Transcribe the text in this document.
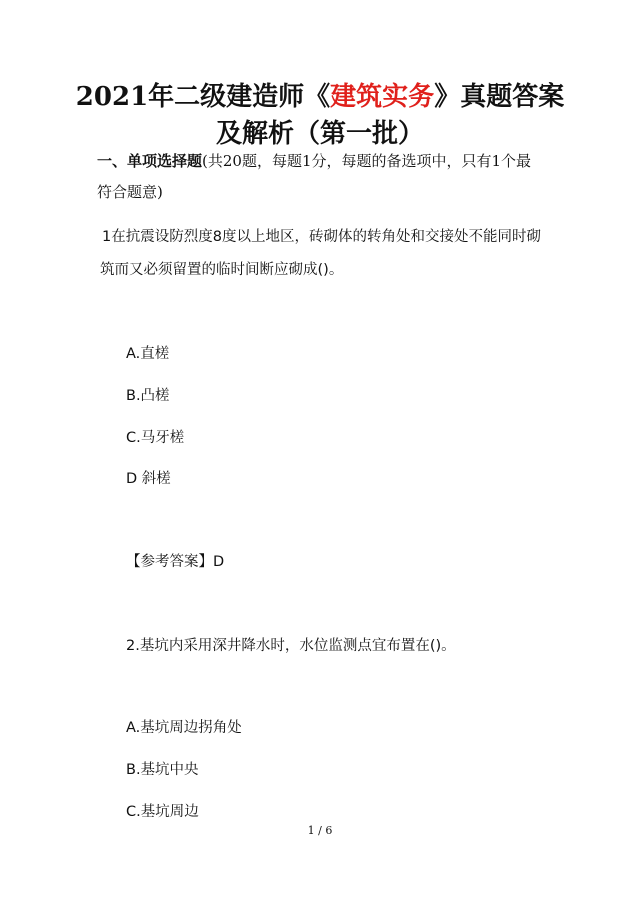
2021年二级建造师《建筑实务》真题答案
及解析（第一批）

一、单项选择题(共20题，每题1分，每题的备选项中，只有1个最

符合题意)

1在抗震设防烈度8度以上地区，砖砌体的转角处和交接处不能同时砌

筑而又必须留置的临时间断应砌成()。

A.直槎

B.凸槎

C.马牙槎

D 斜槎

【参考答案】D

2.基坑内采用深井降水时，水位监测点宜布置在()。

A.基坑周边拐角处

B.基坑中央

C.基坑周边

1 / 6
